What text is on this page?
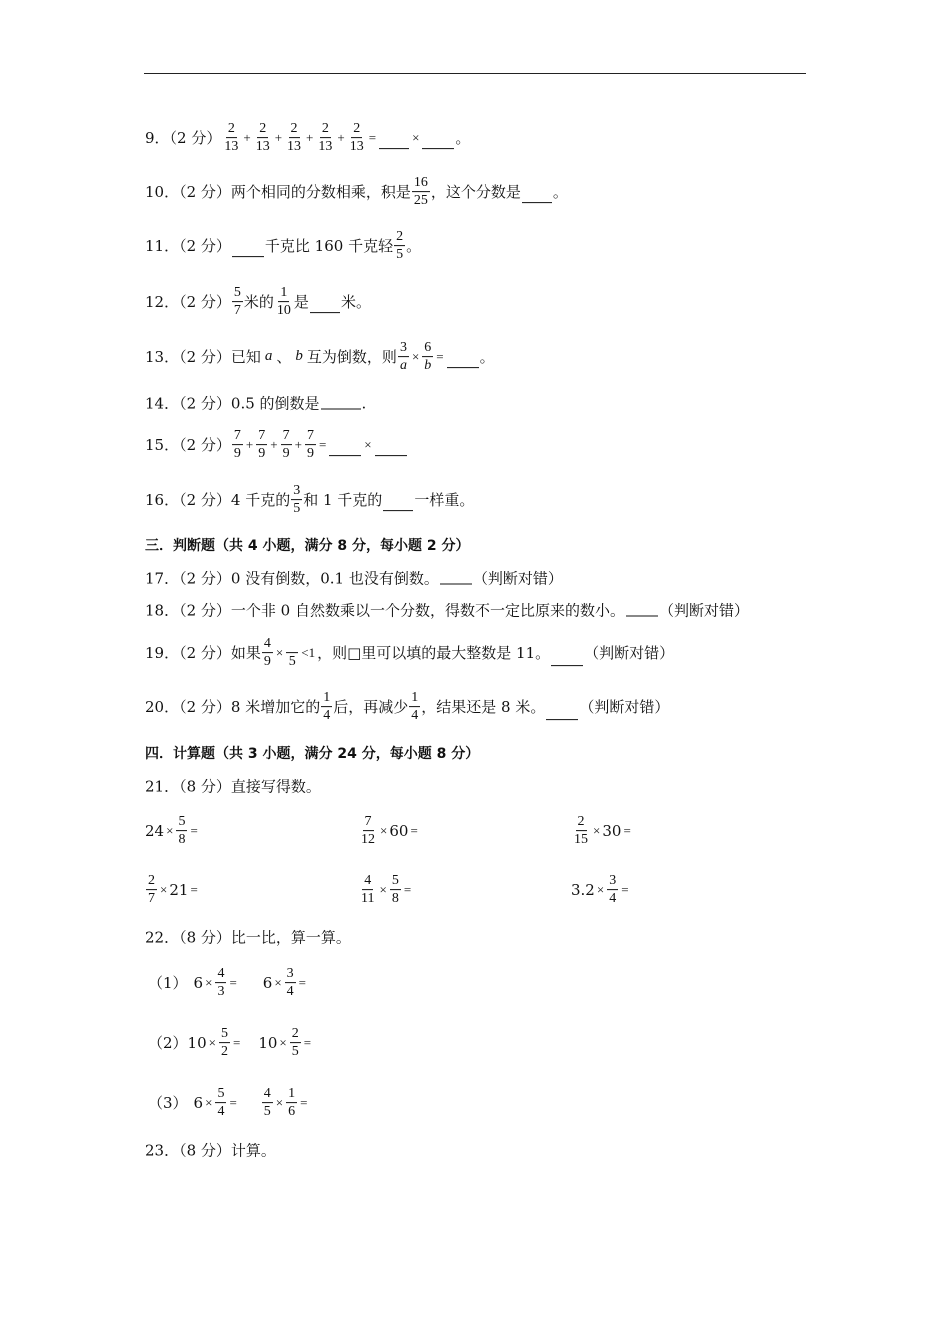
9．（2 分） $\frac{2}{13} + \frac{2}{13} + \frac{2}{13} + \frac{2}{13} + \frac{2}{13}$ =	× 。
10．（2 分）两个相同的分数相乘，积是 $\frac{16}{25}$ ，这个分数是 。
11．（2 分） 千克比 160 千克轻 $\frac{2}{5}$ 。
12．（2 分） $\frac{5}{7}$ 米的 $\frac{1}{10}$ 是 米。
13．（2 分）已知 a 、 b 互为倒数，则 $\frac{3}{a} \times \frac{6}{b}$ = 。
14．（2 分）0.5 的倒数是	.
15．（2 分） $\frac{7}{9} + \frac{7}{9} + \frac{7}{9} + \frac{7}{9}$ =	×
16．（2 分）4 千克的 $\frac{3}{5}$ 和 1 千克的 一样重。
三．判断题（共 4 小题，满分 8 分，每小题 2 分）
17．（2 分）0 没有倒数，0.1 也没有倒数。 （判断对错）
18．（2 分）一个非 0 自然数乘以一个分数，得数不一定比原来的数小。 （判断对错）
19．（2 分）如果 $\frac{4}{9}$ ×
5
<1 ，则□里可以填的最大整数是 11。 （判断对错）
20．（2 分）8 米增加它的 $\frac{1}{4}$ 后，再减少 $\frac{1}{4}$ ，结果还是 8 米。 （判断对错）
四．计算题（共 3 小题，满分 24 分，每小题 8 分）
21．（8 分）直接写得数。
$24 \times \frac{5}{8}$ =	$\frac{7}{12} \times 60$ =	$\frac{2}{15} \times 30$ =
$\frac{2}{7} \times 21$ =	$\frac{4}{11} \times \frac{5}{8}$ =	$3.2 \times \frac{3}{4}$ =
22．（8 分）比一比，算一算。
（1） $6 \times \frac{4}{3} = 6 \times \frac{3}{4}$ =
（2） $10 \times \frac{5}{2} = 10 \times \frac{2}{5}$ =
（3） $6 \times \frac{5}{4} = \frac{4}{5} \times \frac{1}{6}$ =
23．（8 分）计算。
